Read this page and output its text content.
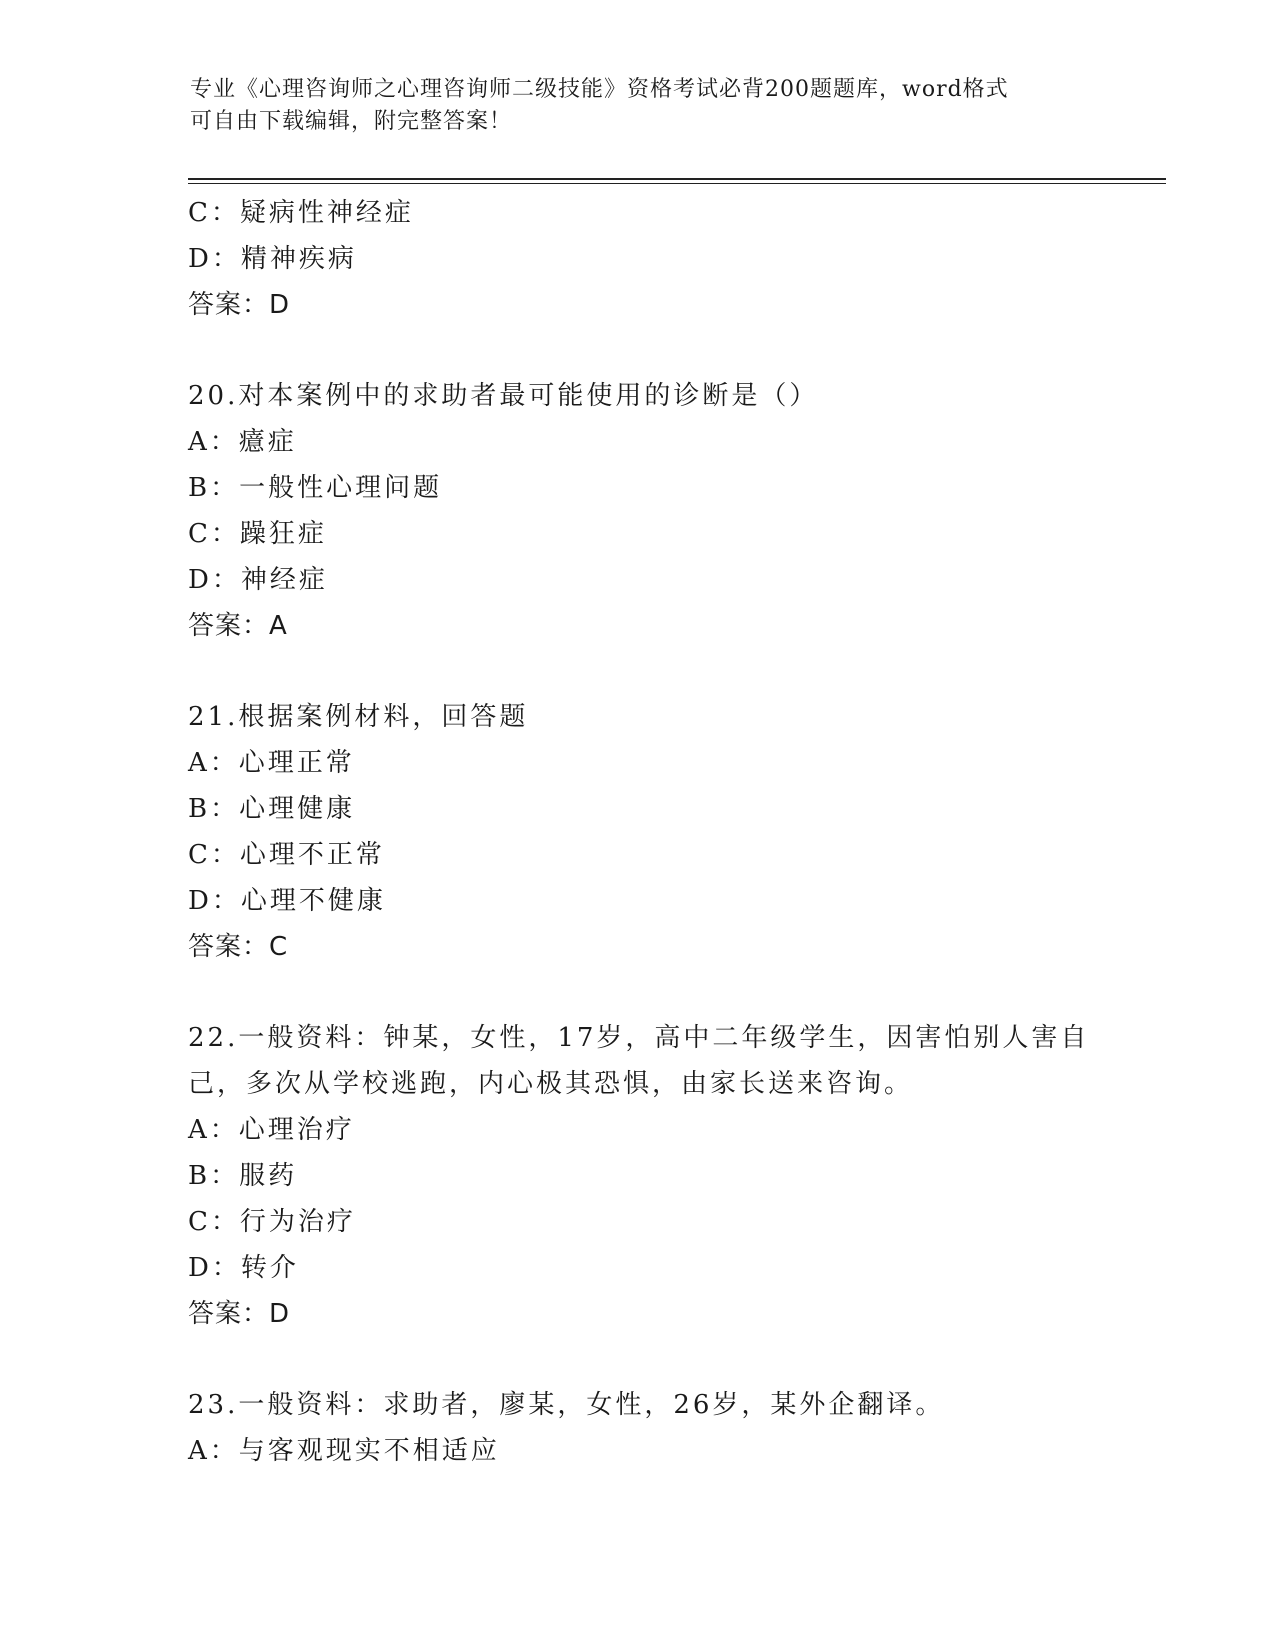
专业《心理咨询师之心理咨询师二级技能》资格考试必背200题题库，word格式
可自由下载编辑，附完整答案！
C：疑病性神经症
D：精神疾病
答案：D
20.对本案例中的求助者最可能使用的诊断是（）
A：癔症
B：一般性心理问题
C：躁狂症
D：神经症
答案：A
21.根据案例材料，回答题
A：心理正常
B：心理健康
C：心理不正常
D：心理不健康
答案：C
22.一般资料：钟某，女性，17岁，高中二年级学生，因害怕别人害自己，多次从学校逃跑，内心极其恐惧，由家长送来咨询。
A：心理治疗
B：服药
C：行为治疗
D：转介
答案：D
23.一般资料：求助者，廖某，女性，26岁，某外企翻译。
A：与客观现实不相适应
